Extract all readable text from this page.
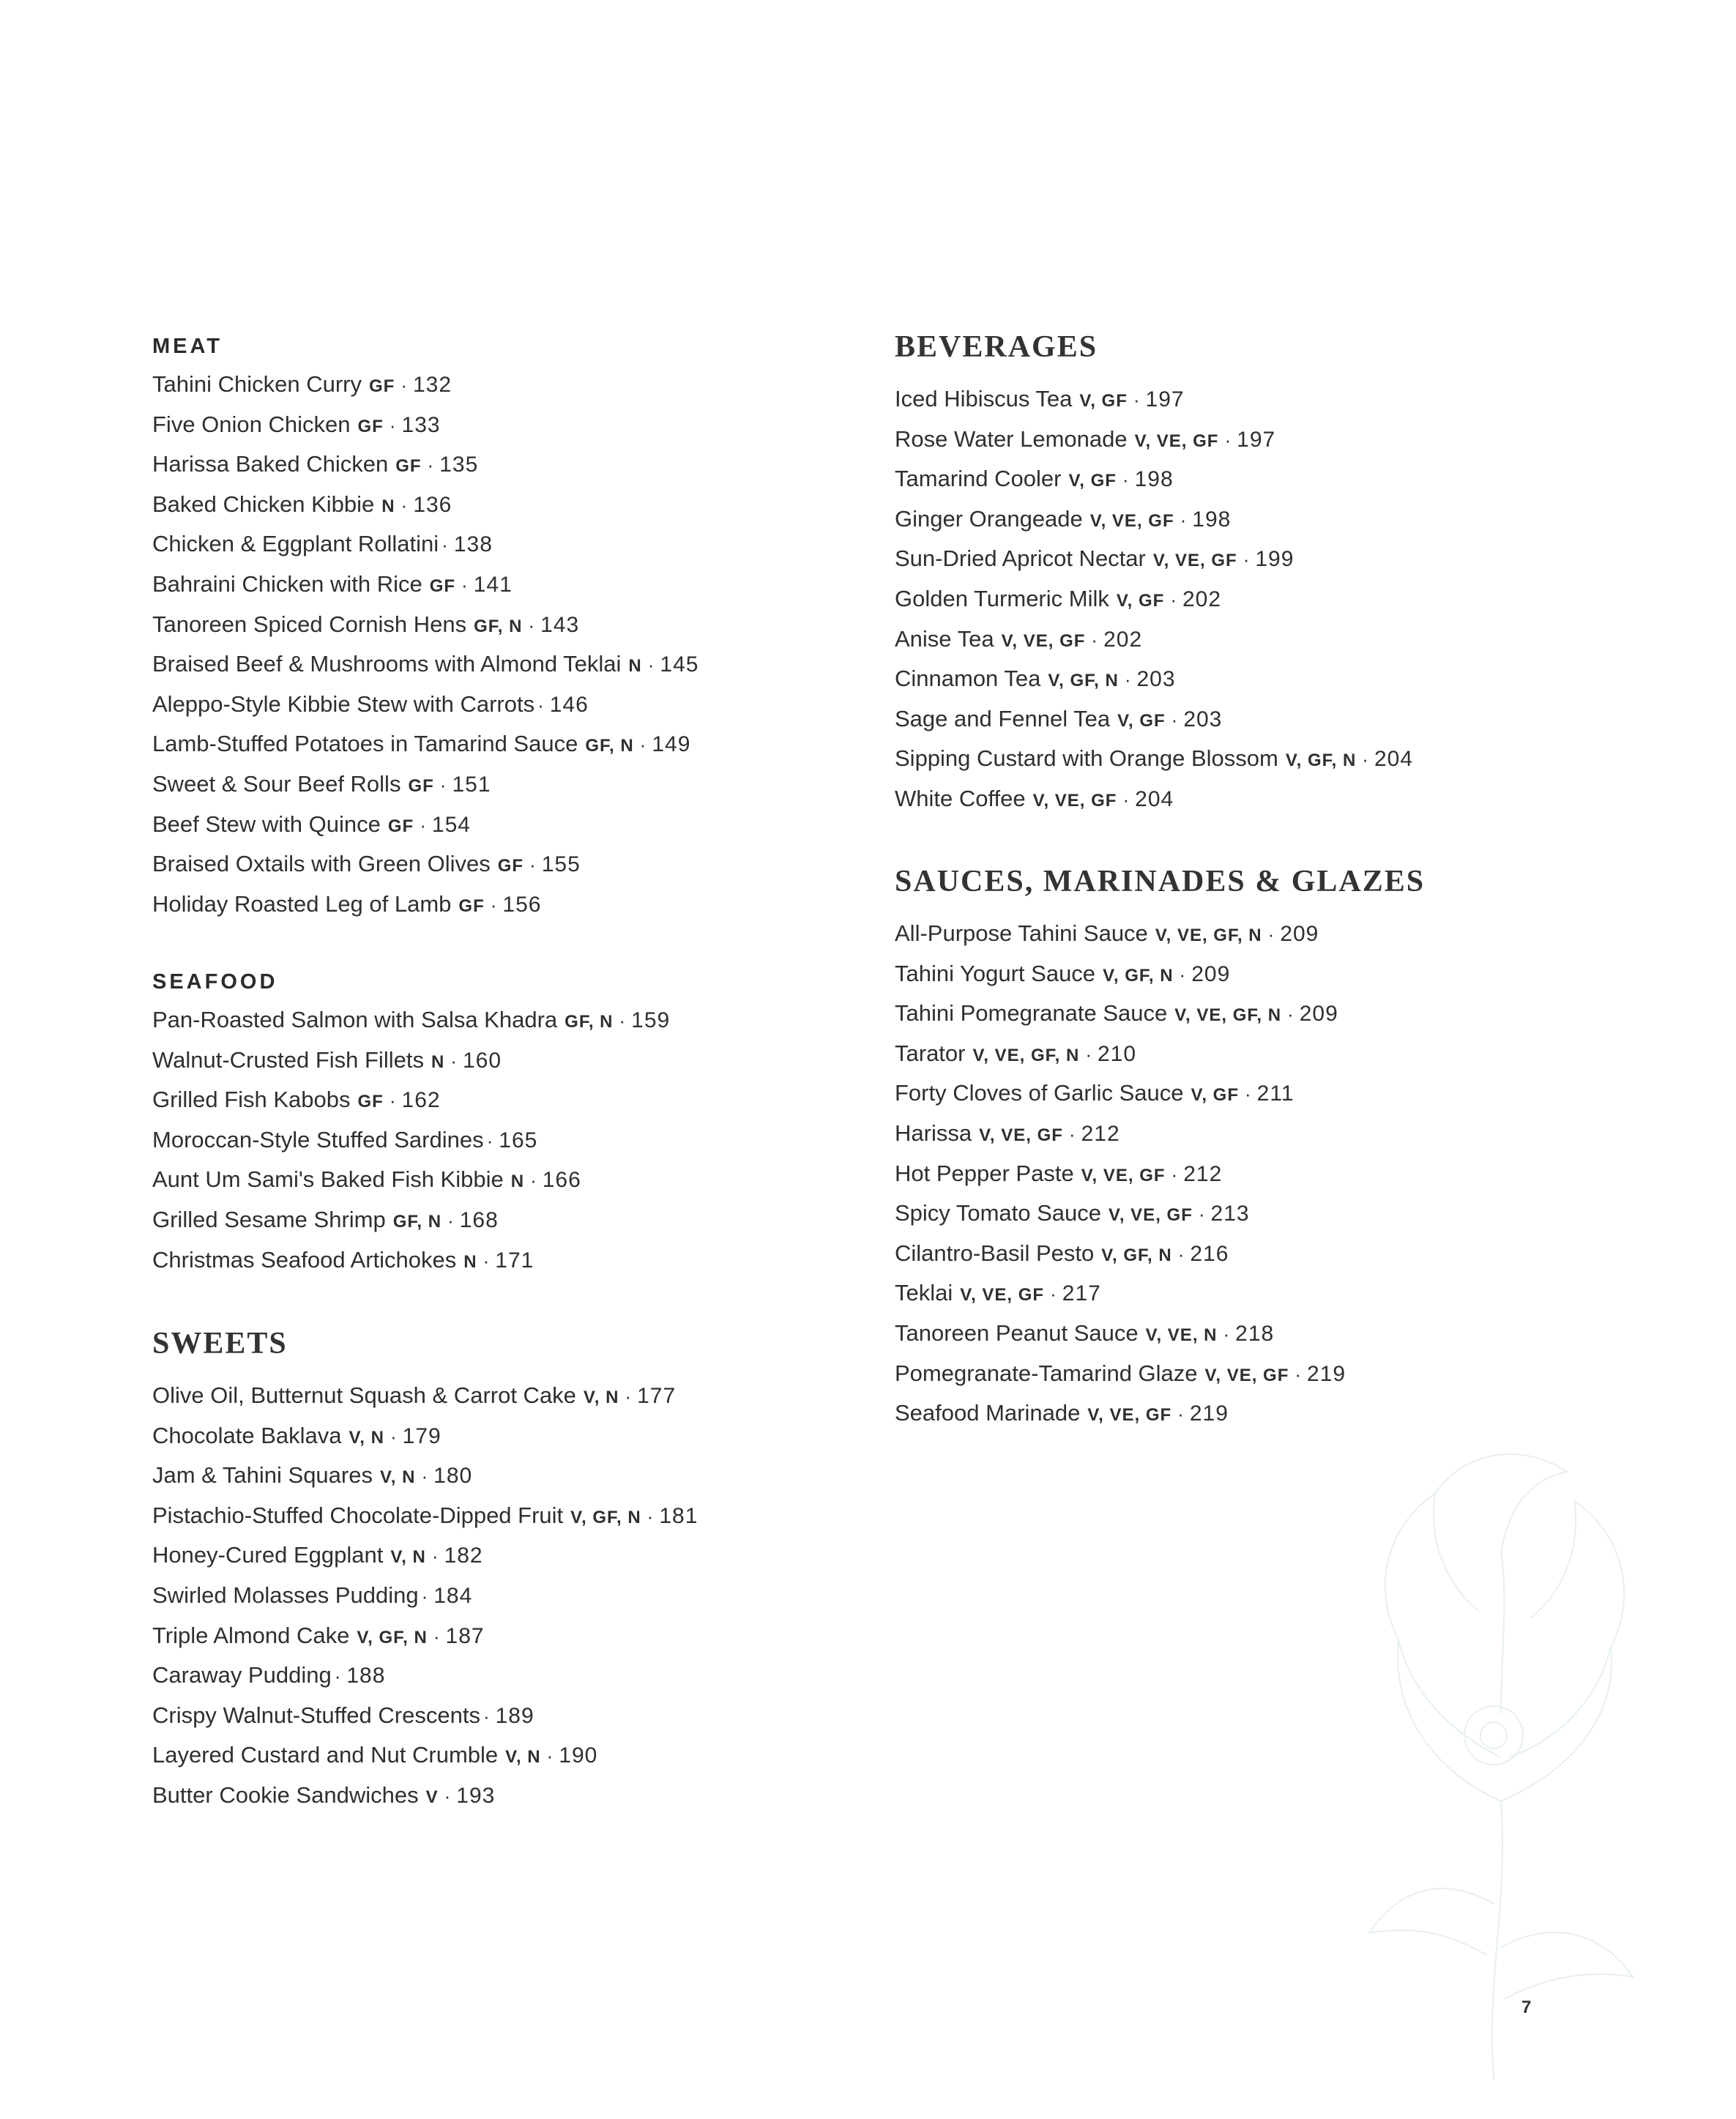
MEAT
Tahini Chicken Curry GF · 132
Five Onion Chicken GF · 133
Harissa Baked Chicken GF · 135
Baked Chicken Kibbie N · 136
Chicken & Eggplant Rollatini · 138
Bahraini Chicken with Rice GF · 141
Tanoreen Spiced Cornish Hens GF, N · 143
Braised Beef & Mushrooms with Almond Teklai N · 145
Aleppo-Style Kibbie Stew with Carrots · 146
Lamb-Stuffed Potatoes in Tamarind Sauce GF, N · 149
Sweet & Sour Beef Rolls GF · 151
Beef Stew with Quince GF · 154
Braised Oxtails with Green Olives GF · 155
Holiday Roasted Leg of Lamb GF · 156
SEAFOOD
Pan-Roasted Salmon with Salsa Khadra GF, N · 159
Walnut-Crusted Fish Fillets N · 160
Grilled Fish Kabobs GF · 162
Moroccan-Style Stuffed Sardines · 165
Aunt Um Sami's Baked Fish Kibbie N · 166
Grilled Sesame Shrimp GF, N · 168
Christmas Seafood Artichokes N · 171
SWEETS
Olive Oil, Butternut Squash & Carrot Cake V, N · 177
Chocolate Baklava V, N · 179
Jam & Tahini Squares V, N · 180
Pistachio-Stuffed Chocolate-Dipped Fruit V, GF, N · 181
Honey-Cured Eggplant V, N · 182
Swirled Molasses Pudding · 184
Triple Almond Cake V, GF, N · 187
Caraway Pudding · 188
Crispy Walnut-Stuffed Crescents · 189
Layered Custard and Nut Crumble V, N · 190
Butter Cookie Sandwiches V · 193
BEVERAGES
Iced Hibiscus Tea V, GF · 197
Rose Water Lemonade V, VE, GF · 197
Tamarind Cooler V, GF · 198
Ginger Orangeade V, VE, GF · 198
Sun-Dried Apricot Nectar V, VE, GF · 199
Golden Turmeric Milk V, GF · 202
Anise Tea V, VE, GF · 202
Cinnamon Tea V, GF, N · 203
Sage and Fennel Tea V, GF · 203
Sipping Custard with Orange Blossom V, GF, N · 204
White Coffee V, VE, GF · 204
SAUCES, MARINADES & GLAZES
All-Purpose Tahini Sauce V, VE, GF, N · 209
Tahini Yogurt Sauce V, GF, N · 209
Tahini Pomegranate Sauce V, VE, GF, N · 209
Tarator V, VE, GF, N · 210
Forty Cloves of Garlic Sauce V, GF · 211
Harissa V, VE, GF · 212
Hot Pepper Paste V, VE, GF · 212
Spicy Tomato Sauce V, VE, GF · 213
Cilantro-Basil Pesto V, GF, N · 216
Teklai V, VE, GF · 217
Tanoreen Peanut Sauce V, VE, N · 218
Pomegranate-Tamarind Glaze V, VE, GF · 219
Seafood Marinade V, VE, GF · 219
7
